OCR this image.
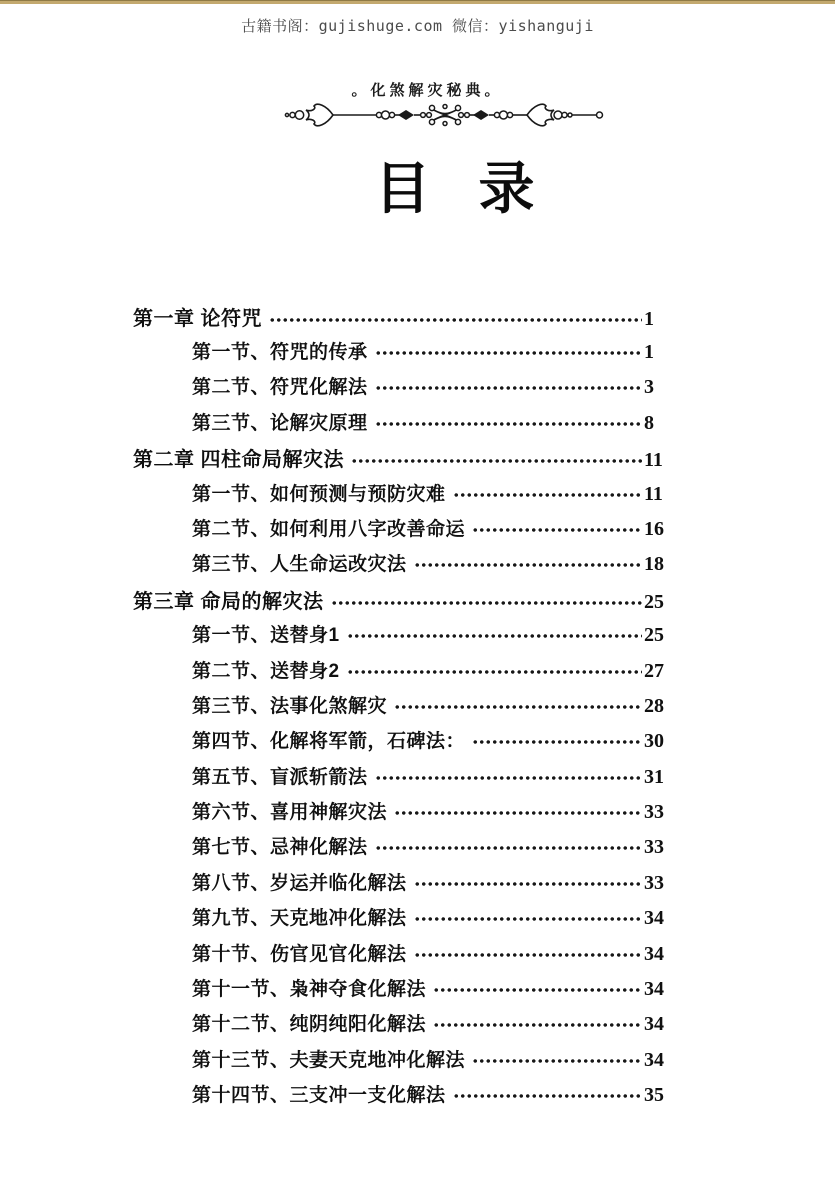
古籍书阁：gujishuge.com 微信：yishanguji
。化煞解灾秘典。
目 录
第一章 论符咒	1
第一节、符咒的传承	1
第二节、符咒化解法	3
第三节、论解灾原理	8
第二章 四柱命局解灾法	11
第一节、如何预测与预防灾难	11
第二节、如何利用八字改善命运	16
第三节、人生命运改灾法	18
第三章 命局的解灾法	25
第一节、送替身1	25
第二节、送替身2	27
第三节、法事化煞解灾	28
第四节、化解将军箭，石碑法：	30
第五节、盲派斩箭法	31
第六节、喜用神解灾法	33
第七节、忌神化解法	33
第八节、岁运并临化解法	33
第九节、天克地冲化解法	34
第十节、伤官见官化解法	34
第十一节、枭神夺食化解法	34
第十二节、纯阴纯阳化解法	34
第十三节、夫妻天克地冲化解法	34
第十四节、三支冲一支化解法	35
